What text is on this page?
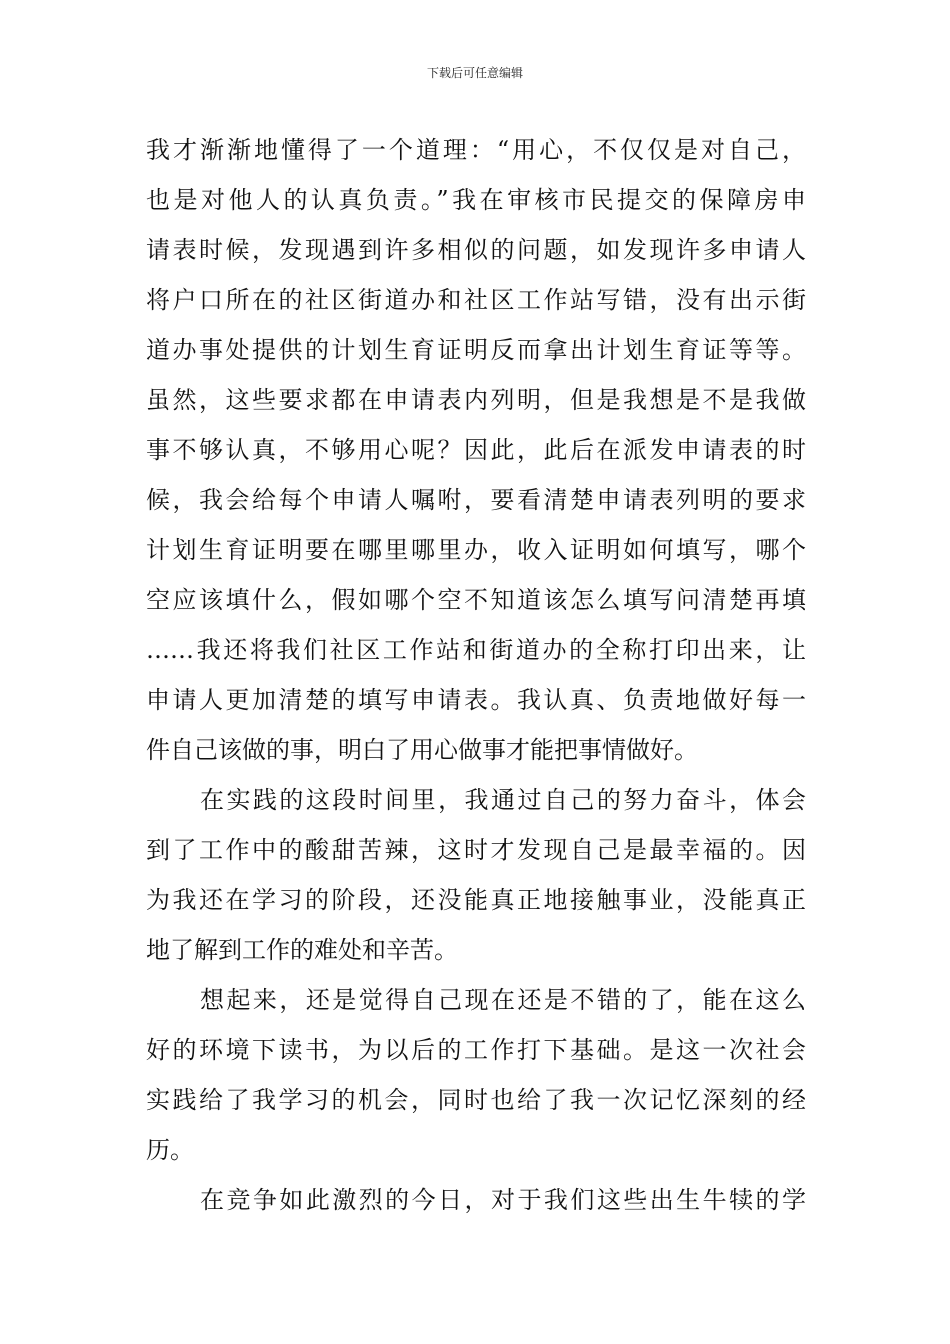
下载后可任意编辑
我才渐渐地懂得了一个道理：“用心，不仅仅是对自己，
也是对他人的认真负责。”我在审核市民提交的保障房申
请表时候，发现遇到许多相似的问题，如发现许多申请人
将户口所在的社区街道办和社区工作站写错，没有出示街
道办事处提供的计划生育证明反而拿出计划生育证等等。
虽然，这些要求都在申请表内列明，但是我想是不是我做
事不够认真，不够用心呢？因此，此后在派发申请表的时
候，我会给每个申请人嘱咐，要看清楚申请表列明的要求
计划生育证明要在哪里哪里办，收入证明如何填写，哪个
空应该填什么，假如哪个空不知道该怎么填写问清楚再填
……我还将我们社区工作站和街道办的全称打印出来，让
申请人更加清楚的填写申请表。我认真、负责地做好每一
件自己该做的事，明白了用心做事才能把事情做好。
在实践的这段时间里，我通过自己的努力奋斗，体会
到了工作中的酸甜苦辣，这时才发现自己是最幸福的。因
为我还在学习的阶段，还没能真正地接触事业，没能真正
地了解到工作的难处和辛苦。
想起来，还是觉得自己现在还是不错的了，能在这么
好的环境下读书，为以后的工作打下基础。是这一次社会
实践给了我学习的机会，同时也给了我一次记忆深刻的经
历。
在竞争如此激烈的今日，对于我们这些出生牛犊的学
